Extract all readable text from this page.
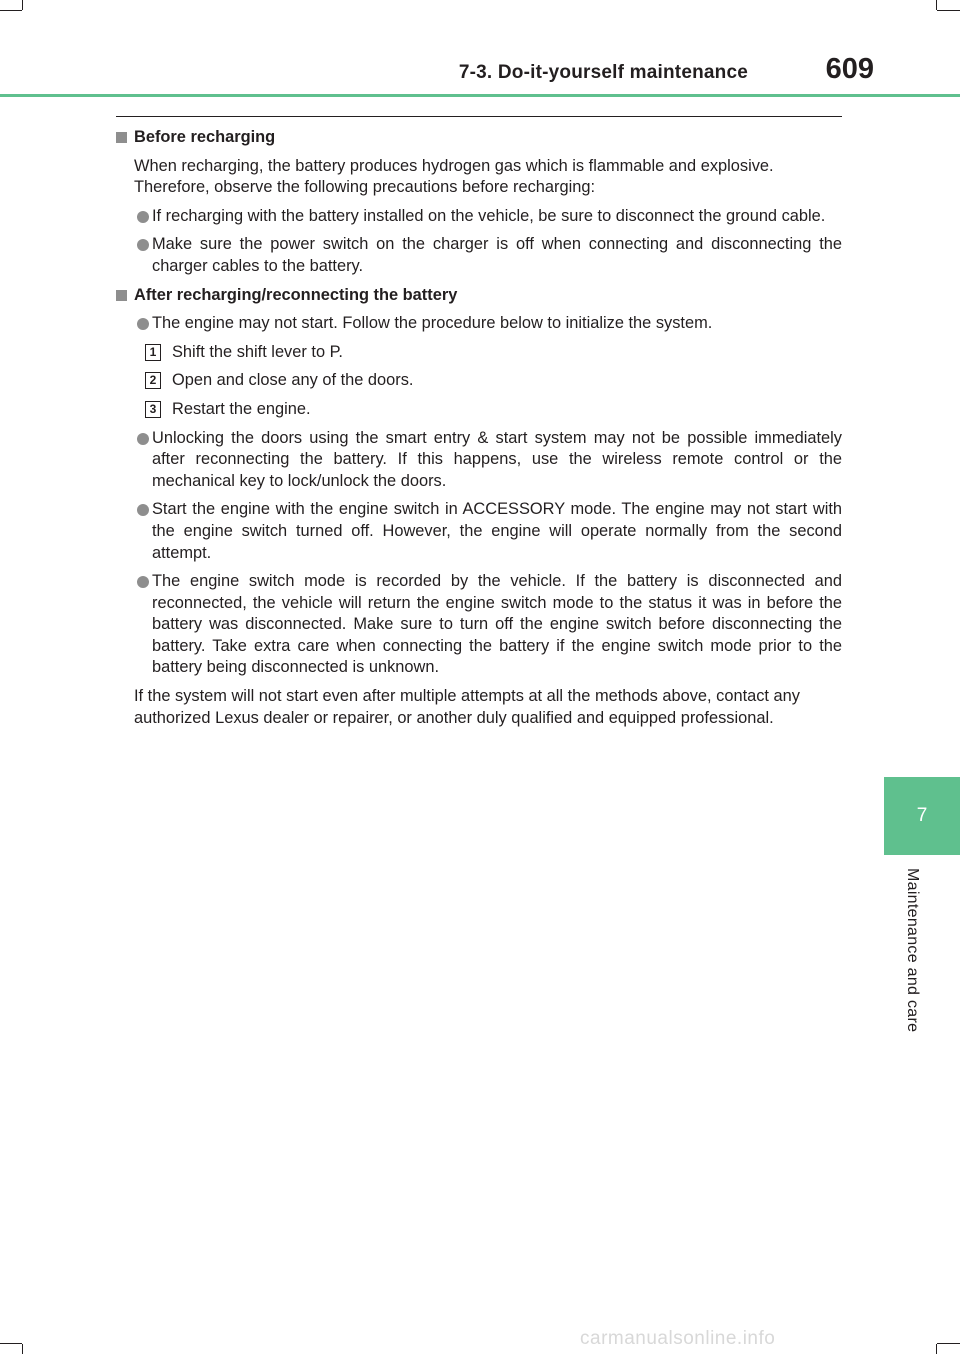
7-3. Do-it-yourself maintenance	609
Before recharging
When recharging, the battery produces hydrogen gas which is flammable and explosive. Therefore, observe the following precautions before recharging:
If recharging with the battery installed on the vehicle, be sure to disconnect the ground cable.
Make sure the power switch on the charger is off when connecting and disconnecting the charger cables to the battery.
After recharging/reconnecting the battery
The engine may not start. Follow the procedure below to initialize the system.
1 Shift the shift lever to P.
2 Open and close any of the doors.
3 Restart the engine.
Unlocking the doors using the smart entry & start system may not be possible immediately after reconnecting the battery. If this happens, use the wireless remote control or the mechanical key to lock/unlock the doors.
Start the engine with the engine switch in ACCESSORY mode. The engine may not start with the engine switch turned off. However, the engine will operate normally from the second attempt.
The engine switch mode is recorded by the vehicle. If the battery is disconnected and reconnected, the vehicle will return the engine switch mode to the status it was in before the battery was disconnected. Make sure to turn off the engine switch before disconnecting the battery. Take extra care when connecting the battery if the engine switch mode prior to the battery being disconnected is unknown.
If the system will not start even after multiple attempts at all the methods above, contact any authorized Lexus dealer or repairer, or another duly qualified and equipped professional.
7
Maintenance and care
carmanualsonline.info
